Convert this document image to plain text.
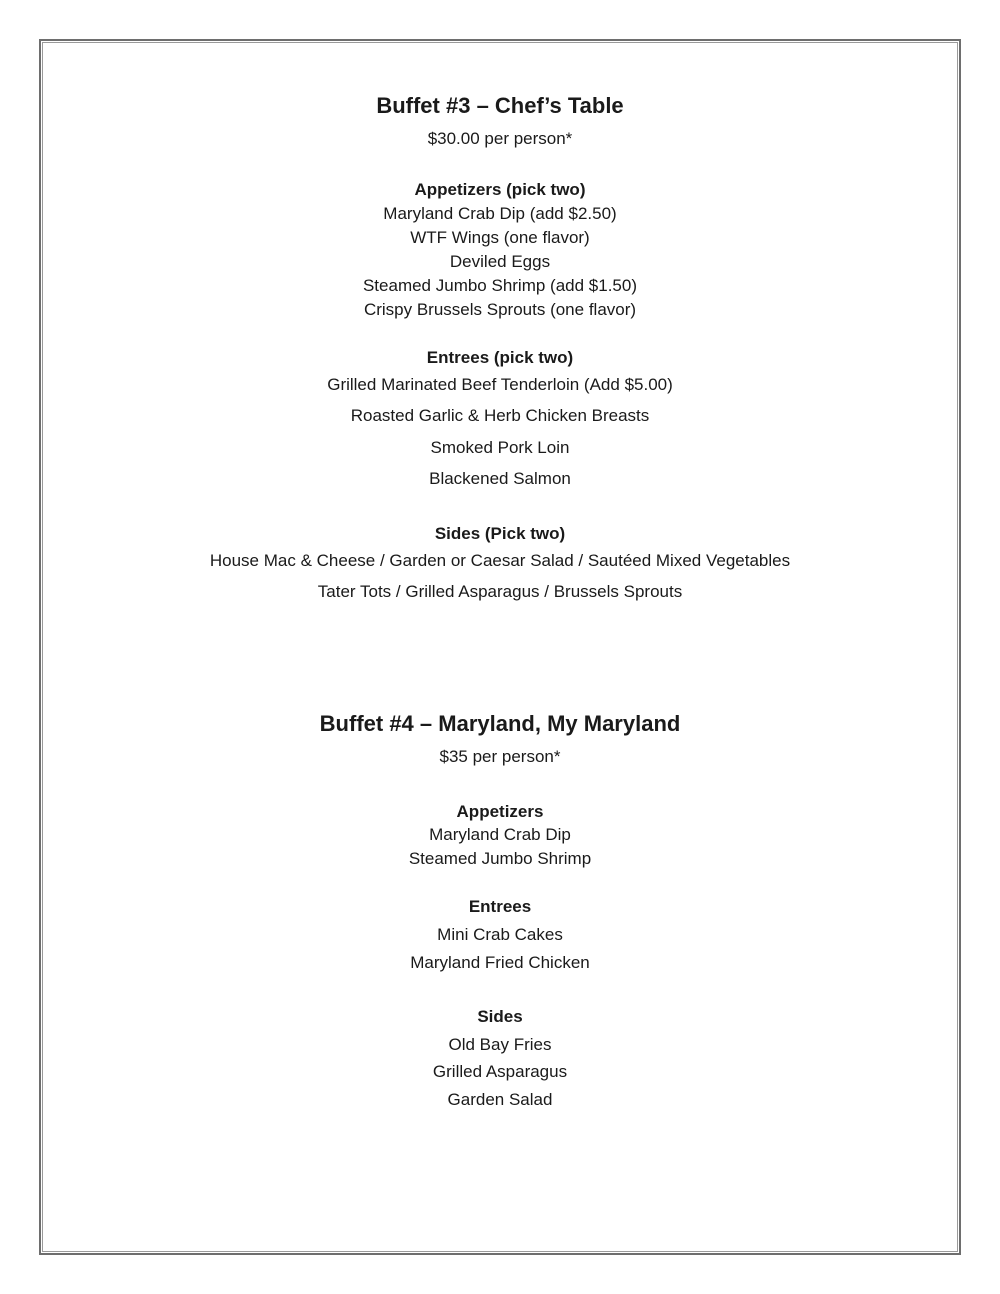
Buffet #3 – Chef’s Table
$30.00 per person*
Appetizers (pick two)
Maryland Crab Dip (add $2.50)
WTF Wings (one flavor)
Deviled Eggs
Steamed Jumbo Shrimp (add $1.50)
Crispy Brussels Sprouts (one flavor)
Entrees (pick two)
Grilled Marinated Beef Tenderloin (Add $5.00)
Roasted Garlic & Herb Chicken Breasts
Smoked Pork Loin
Blackened Salmon
Sides (Pick two)
House Mac & Cheese / Garden or Caesar Salad / Sautéed Mixed Vegetables
Tater Tots / Grilled Asparagus / Brussels Sprouts
Buffet #4 – Maryland, My Maryland
$35 per person*
Appetizers
Maryland Crab Dip
Steamed Jumbo Shrimp
Entrees
Mini Crab Cakes
Maryland Fried Chicken
Sides
Old Bay Fries
Grilled Asparagus
Garden Salad
